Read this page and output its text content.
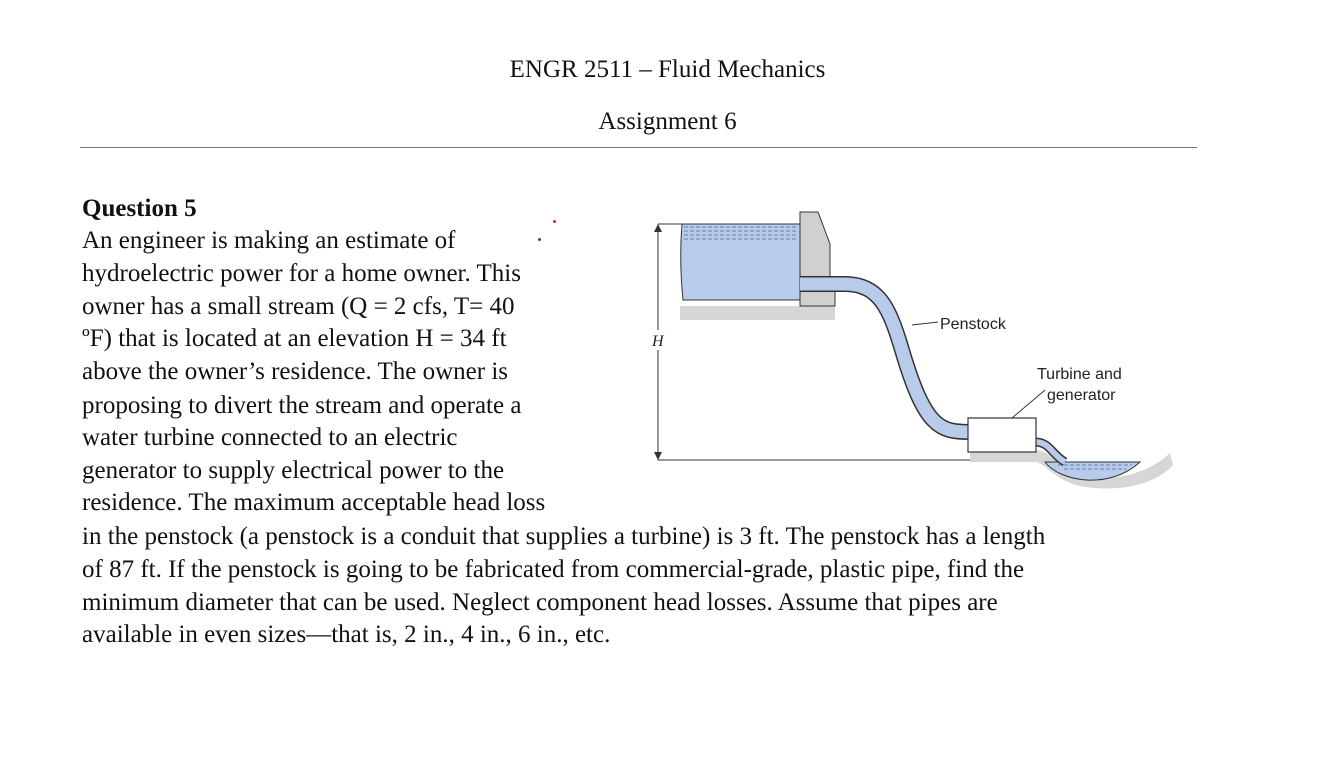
ENGR 2511 – Fluid Mechanics
Assignment 6
Question 5
An engineer is making an estimate of
hydroelectric power for a home owner. This
owner has a small stream (Q = 2 cfs, T= 40
ºF) that is located at an elevation H = 34 ft
above the owner’s residence. The owner is
proposing to divert the stream and operate a
water turbine connected to an electric
generator to supply electrical power to the
residence. The maximum acceptable head loss
in the penstock (a penstock is a conduit that supplies a turbine) is 3 ft. The penstock has a length
of 87 ft. If the penstock is going to be fabricated from commercial-grade, plastic pipe, find the
minimum diameter that can be used. Neglect component head losses. Assume that pipes are
available in even sizes—that is, 2 in., 4 in., 6 in., etc.
H
Penstock
Turbine and
generator
